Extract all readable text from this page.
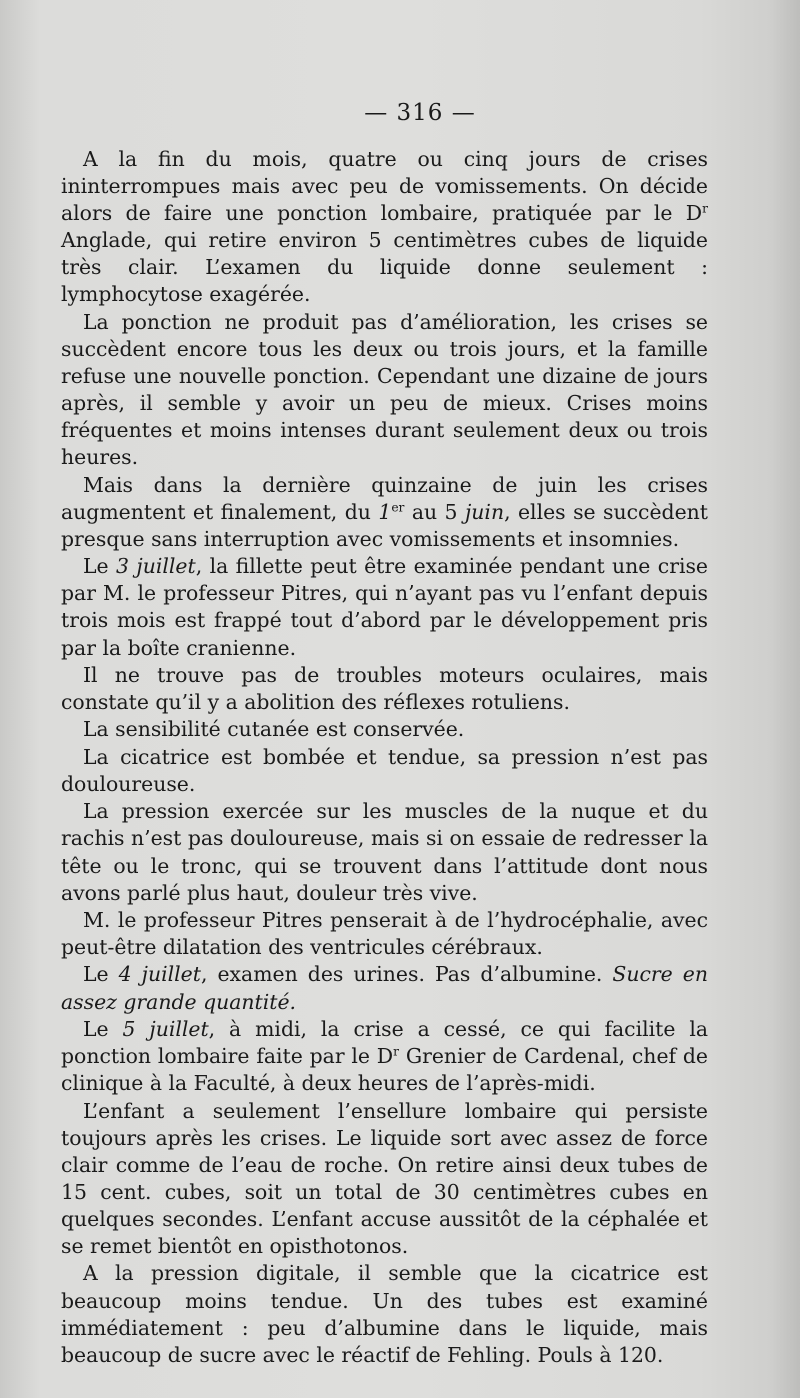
— 316 —

A la fin du mois, quatre ou cinq jours de crises ininterrompues mais avec peu de vomissements. On décide alors de faire une ponction lombaire, pratiquée par le $D^r$ Anglade, qui retire environ 5 centimètres cubes de liquide très clair. L’examen du liquide donne seulement : lymphocytose exagérée.

La ponction ne produit pas d’amélioration, les crises se succèdent encore tous les deux ou trois jours, et la famille refuse une nouvelle ponction. Cependant une dizaine de jours après, il semble y avoir un peu de mieux. Crises moins fréquentes et moins intenses durant seulement deux ou trois heures.

Mais dans la dernière quinzaine de juin les crises augmentent et finalement, du 1er au 5 juin, elles se succèdent presque sans interruption avec vomissements et insomnies.

Le 3 juillet, la fillette peut être examinée pendant une crise par M. le professeur Pitres, qui n’ayant pas vu l’enfant depuis trois mois est frappé tout d’abord par le développement pris par la boîte cranienne.

Il ne trouve pas de troubles moteurs oculaires, mais constate qu’il y a abolition des réflexes rotuliens.

La sensibilité cutanée est conservée.

La cicatrice est bombée et tendue, sa pression n’est pas douloureuse.

La pression exercée sur les muscles de la nuque et du rachis n’est pas douloureuse, mais si on essaie de redresser la tête ou le tronc, qui se trouvent dans l’attitude dont nous avons parlé plus haut, douleur très vive.

M. le professeur Pitres penserait à de l’hydrocéphalie, avec peut-être dilatation des ventricules cérébraux.

Le 4 juillet, examen des urines. Pas d’albumine. Sucre en assez grande quantité.

Le 5 juillet, à midi, la crise a cessé, ce qui facilite la ponction lombaire faite par le $D^r$ Grenier de Cardenal, chef de clinique à la Faculté, à deux heures de l’après-midi.

L’enfant a seulement l’ensellure lombaire qui persiste toujours après les crises. Le liquide sort avec assez de force clair comme de l’eau de roche. On retire ainsi deux tubes de 15 cent. cubes, soit un total de 30 centimètres cubes en quelques secondes. L’enfant accuse aussitôt de la céphalée et se remet bientôt en opisthotonos.

A la pression digitale, il semble que la cicatrice est beaucoup moins tendue. Un des tubes est examiné immédiatement : peu d’albumine dans le liquide, mais beaucoup de sucre avec le réactif de Fehling. Pouls à 120.
